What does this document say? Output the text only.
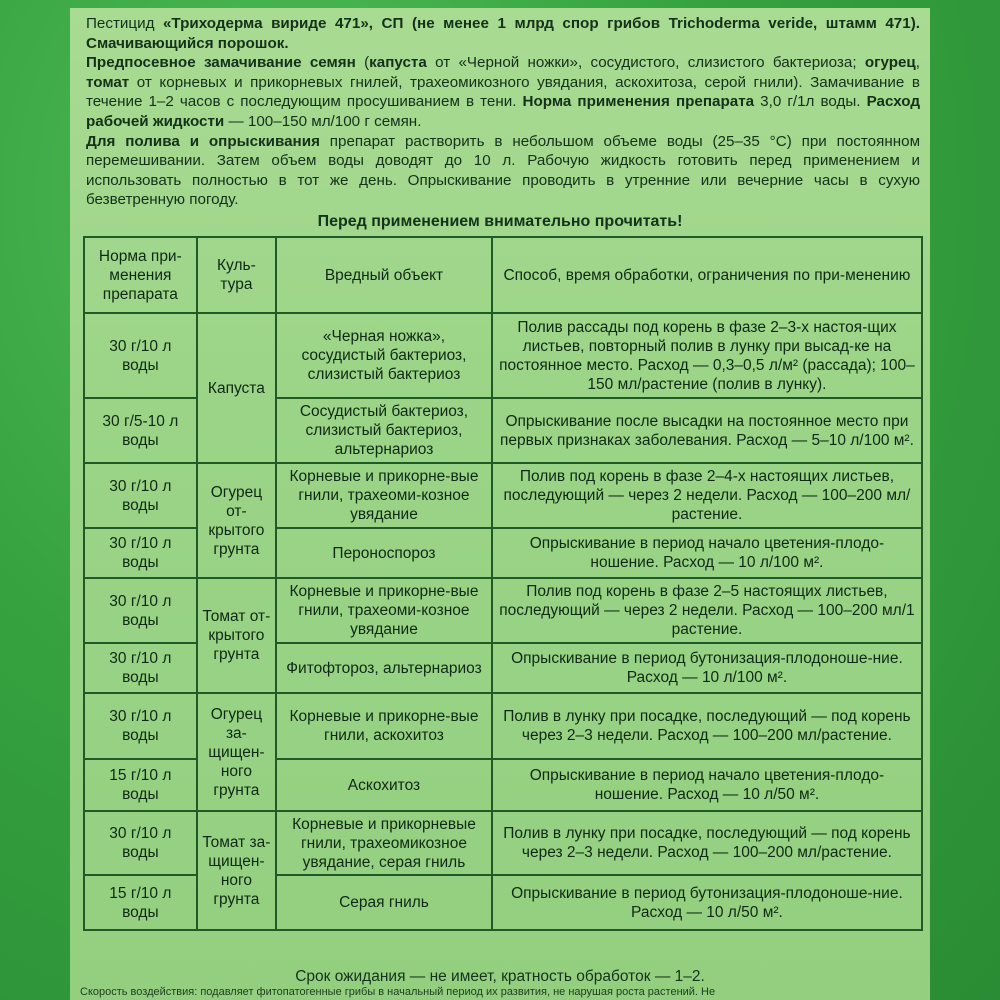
Пестицид «Триходерма вириде 471», СП (не менее 1 млрд спор грибов Trichoderma veride, штамм 471). Смачивающийся порошок.

Предпосевное замачивание семян (капуста от «Черной ножки», сосудистого, слизистого бактериоза; огурец, томат от корневых и прикорневых гнилей, трахеомикозного увядания, аскохитоза, серой гнили). Замачивание в течение 1–2 часов с последующим просушиванием в тени. Норма применения препарата 3,0 г/1л воды. Расход рабочей жидкости — 100–150 мл/100 г семян.

Для полива и опрыскивания препарат растворить в небольшом объеме воды (25–35 °С) при постоянном перемешивании. Затем объем воды доводят до 10 л. Рабочую жидкость готовить перед применением и использовать полностью в тот же день. Опрыскивание проводить в утренние или вечерние часы в сухую безветренную погоду.

Перед применением внимательно прочитать!
Норма при-менения препарата	Куль-тура	Вредный объект	Способ, время обработки, ограничения по при-менению
30 г/10 л воды	Капуста	«Черная ножка», сосудистый бактериоз, слизистый бактериоз	Полив рассады под корень в фазе 2–3-х настоя-щих листьев, повторный полив в лунку при высад-ке на постоянное место. Расход — 0,3–0,5 л/м² (рассада); 100–150 мл/растение (полив в лунку).
30 г/5-10 л воды		Сосудистый бактериоз, слизистый бактериоз, альтернариоз	Опрыскивание после высадки на постоянное место при первых признаках заболевания. Расход — 5–10 л/100 м².
30 г/10 л воды	Огурец от-крытого грунта	Корневые и прикорне-вые гнили, трахеоми-козное увядание	Полив под корень в фазе 2–4-х настоящих листьев, последующий — через 2 недели. Расход — 100–200 мл/растение.
30 г/10 л воды		Пероноспороз	Опрыскивание в период начало цветения-плодо-ношение. Расход — 10 л/100 м².
30 г/10 л воды	Томат от-крытого грунта	Корневые и прикорне-вые гнили, трахеоми-козное увядание	Полив под корень в фазе 2–5 настоящих листьев, последующий — через 2 недели. Расход — 100–200 мл/1 растение.
30 г/10 л воды		Фитофтороз, альтернариоз	Опрыскивание в период бутонизация-плодоноше-ние. Расход — 10 л/100 м².
30 г/10 л воды	Огурец за-щищен-ного грунта	Корневые и прикорне-вые гнили, аскохитоз	Полив в лунку при посадке, последующий — под корень через 2–3 недели. Расход — 100–200 мл/растение.
15 г/10 л воды		Аскохитоз	Опрыскивание в период начало цветения-плодо-ношение. Расход — 10 л/50 м².
30 г/10 л воды	Томат за-щищен-ного грунта	Корневые и прикорневые гнили, трахеомикозное увядание, серая гниль	Полив в лунку при посадке, последующий — под корень через 2–3 недели. Расход — 100–200 мл/растение.
15 г/10 л воды		Серая гниль	Опрыскивание в период бутонизация-плодоноше-ние. Расход — 10 л/50 м².
Срок ожидания — не имеет, кратность обработок — 1–2.
Скорость воздействия: подавляет фитопатогенные грибы в начальный период их развития, не нарушая роста растений. Не
